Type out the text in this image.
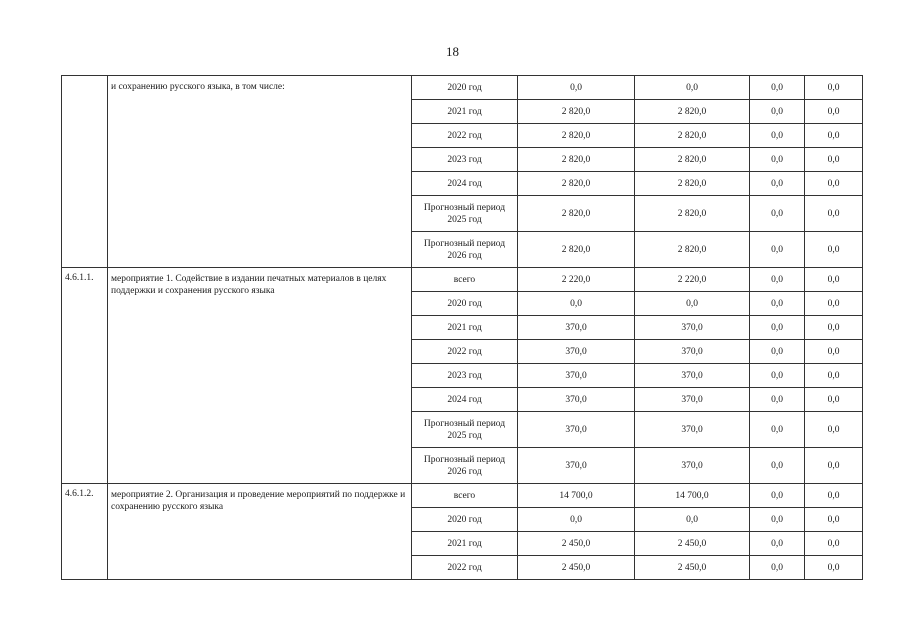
18
	и сохранению русского языка, в том числе:	2020 год	0,0	0,0	0,0	0,0
		2021 год	2 820,0	2 820,0	0,0	0,0
		2022 год	2 820,0	2 820,0	0,0	0,0
		2023 год	2 820,0	2 820,0	0,0	0,0
		2024 год	2 820,0	2 820,0	0,0	0,0
		Прогнозный период 2025 год	2 820,0	2 820,0	0,0	0,0
		Прогнозный период 2026 год	2 820,0	2 820,0	0,0	0,0
4.6.1.1.	мероприятие 1. Содействие в издании печатных материалов в целях поддержки и сохранения русского языка	всего	2 220,0	2 220,0	0,0	0,0
		2020 год	0,0	0,0	0,0	0,0
		2021 год	370,0	370,0	0,0	0,0
		2022 год	370,0	370,0	0,0	0,0
		2023 год	370,0	370,0	0,0	0,0
		2024 год	370,0	370,0	0,0	0,0
		Прогнозный период 2025 год	370,0	370,0	0,0	0,0
		Прогнозный период 2026 год	370,0	370,0	0,0	0,0
4.6.1.2.	мероприятие 2. Организация и проведение мероприятий по поддержке и сохранению русского языка	всего	14 700,0	14 700,0	0,0	0,0
		2020 год	0,0	0,0	0,0	0,0
		2021 год	2 450,0	2 450,0	0,0	0,0
		2022 год	2 450,0	2 450,0	0,0	0,0
